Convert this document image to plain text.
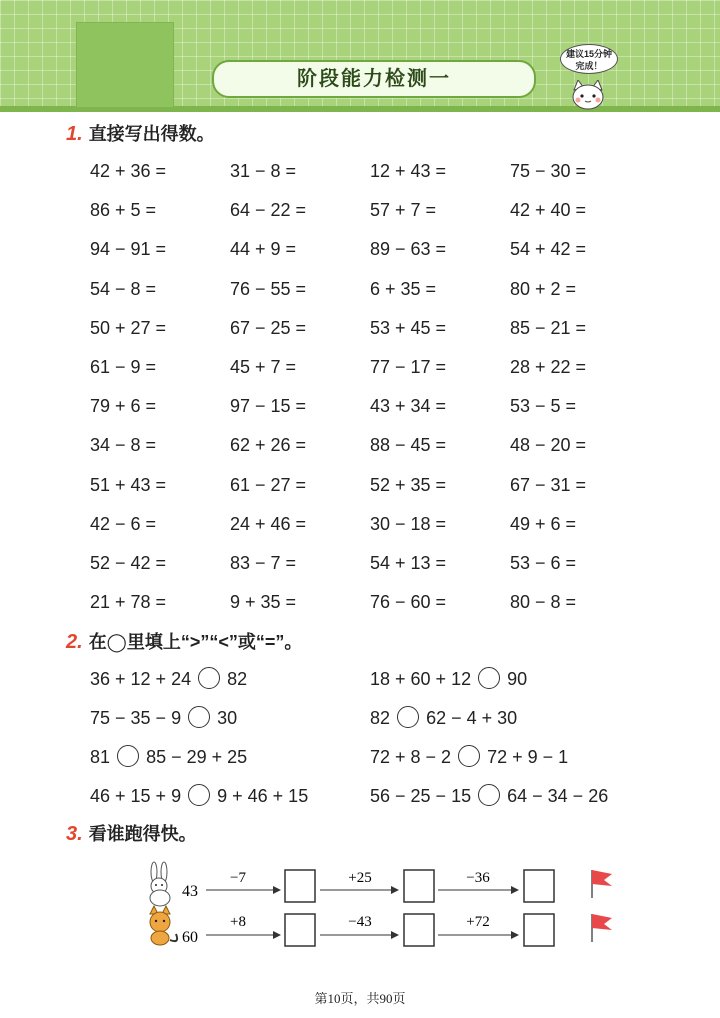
阶段能力检测一
建议15分钟
完成！
1. 直接写出得数。
42 + 36 =	31 − 8 =	12 + 43 =	75 − 30 =
86 + 5 =	64 − 22 =	57 + 7 =	42 + 40 =
94 − 91 =	44 + 9 =	89 − 63 =	54 + 42 =
54 − 8 =	76 − 55 =	6 + 35 =	80 + 2 =
50 + 27 =	67 − 25 =	53 + 45 =	85 − 21 =
61 − 9 =	45 + 7 =	77 − 17 =	28 + 22 =
79 + 6 =	97 − 15 =	43 + 34 =	53 − 5 =
34 − 8 =	62 + 26 =	88 − 45 =	48 − 20 =
51 + 43 =	61 − 27 =	52 + 35 =	67 − 31 =
42 − 6 =	24 + 46 =	30 − 18 =	49 + 6 =
52 − 42 =	83 − 7 =	54 + 13 =	53 − 6 =
21 + 78 =	9 + 35 =	76 − 60 =	80 − 8 =
2. 在◯里填上“>”“<”或“=”。
36 + 12 + 24 82	18 + 60 + 12 90
75 − 35 − 9 30	82 62 − 4 + 30
81 85 − 29 + 25	72 + 8 − 2 72 + 9 − 1
46 + 15 + 9 9 + 46 + 15	56 − 25 − 15 64 − 34 − 26
3. 看谁跑得快。
43
−7	+25	−36
60
+8	−43	+72
第10页，共90页
